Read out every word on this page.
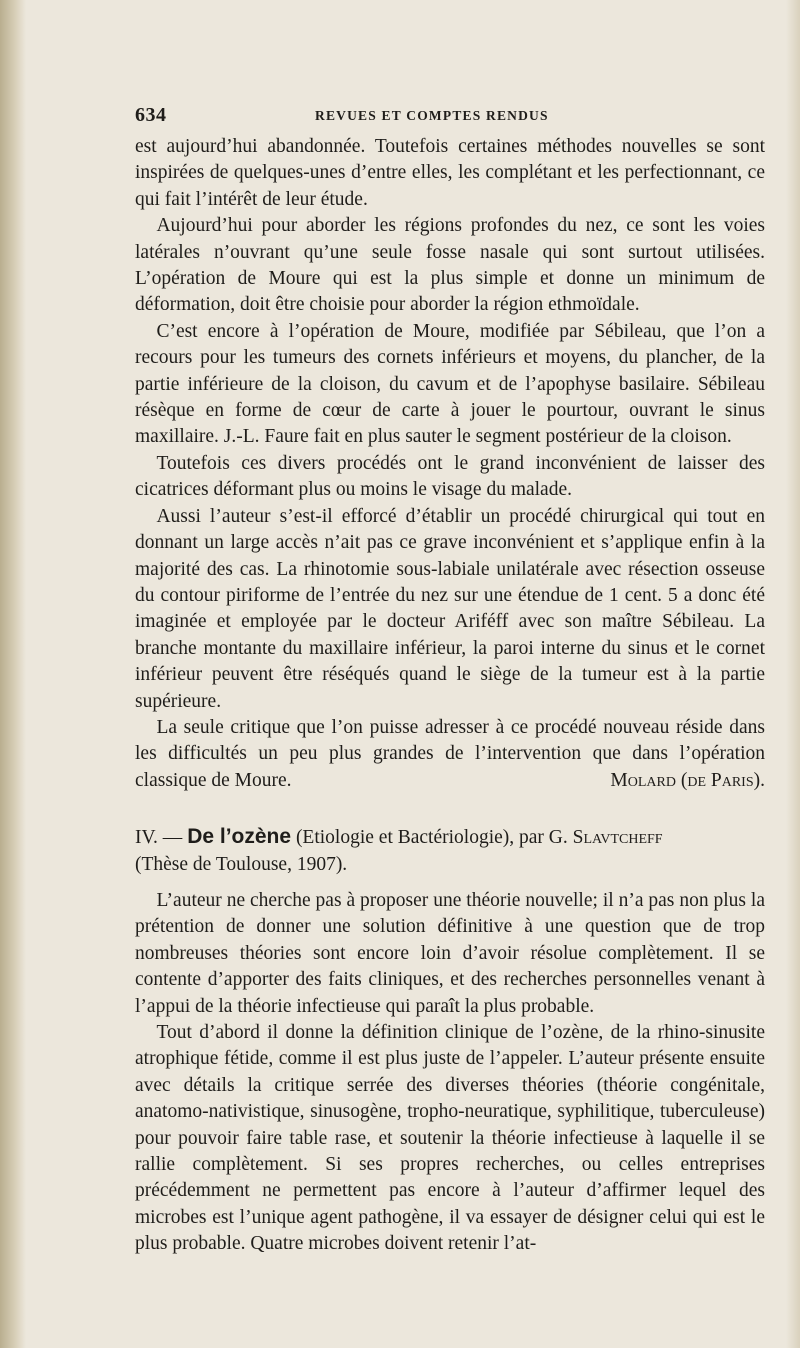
634	REVUES ET COMPTES RENDUS

est aujourd’hui abandonnée. Toutefois certaines méthodes nouvelles se sont inspirées de quelques-unes d’entre elles, les complétant et les perfectionnant, ce qui fait l’intérêt de leur étude.

Aujourd’hui pour aborder les régions profondes du nez, ce sont les voies latérales n’ouvrant qu’une seule fosse nasale qui sont surtout utilisées. L’opération de Moure qui est la plus simple et donne un minimum de déformation, doit être choisie pour aborder la région ethmoïdale.

C’est encore à l’opération de Moure, modifiée par Sébileau, que l’on a recours pour les tumeurs des cornets inférieurs et moyens, du plancher, de la partie inférieure de la cloison, du cavum et de l’apophyse basilaire. Sébileau résèque en forme de cœur de carte à jouer le pourtour, ouvrant le sinus maxillaire. J.-L. Faure fait en plus sauter le segment postérieur de la cloison.

Toutefois ces divers procédés ont le grand inconvénient de laisser des cicatrices déformant plus ou moins le visage du malade.

Aussi l’auteur s’est-il efforcé d’établir un procédé chirurgical qui tout en donnant un large accès n’ait pas ce grave inconvénient et s’applique enfin à la majorité des cas. La rhinotomie sous-labiale unilatérale avec résection osseuse du contour piriforme de l’entrée du nez sur une étendue de 1 cent. 5 a donc été imaginée et employée par le docteur Ariféff avec son maître Sébileau. La branche montante du maxillaire inférieur, la paroi interne du sinus et le cornet inférieur peuvent être réséqués quand le siège de la tumeur est à la partie supérieure.

La seule critique que l’on puisse adresser à ce procédé nouveau réside dans les difficultés un peu plus grandes de l’intervention que dans l’opération classique de Moure.	Molard (de Paris).

IV. — De l’ozène (Etiologie et Bactériologie), par G. Slavtcheff

(Thèse de Toulouse, 1907).

L’auteur ne cherche pas à proposer une théorie nouvelle; il n’a pas non plus la prétention de donner une solution définitive à une question que de trop nombreuses théories sont encore loin d’avoir résolue complètement. Il se contente d’apporter des faits cliniques, et des recherches personnelles venant à l’appui de la théorie infectieuse qui paraît la plus probable.

Tout d’abord il donne la définition clinique de l’ozène, de la rhino-sinusite atrophique fétide, comme il est plus juste de l’appeler. L’auteur présente ensuite avec détails la critique serrée des diverses théories (théorie congénitale, anatomo-nativistique, sinusogène, tropho-neuratique, syphilitique, tuberculeuse) pour pouvoir faire table rase, et soutenir la théorie infectieuse à laquelle il se rallie complètement. Si ses propres recherches, ou celles entreprises précédemment ne permettent pas encore à l’auteur d’affirmer lequel des microbes est l’unique agent pathogène, il va essayer de désigner celui qui est le plus probable. Quatre microbes doivent retenir l’at-
